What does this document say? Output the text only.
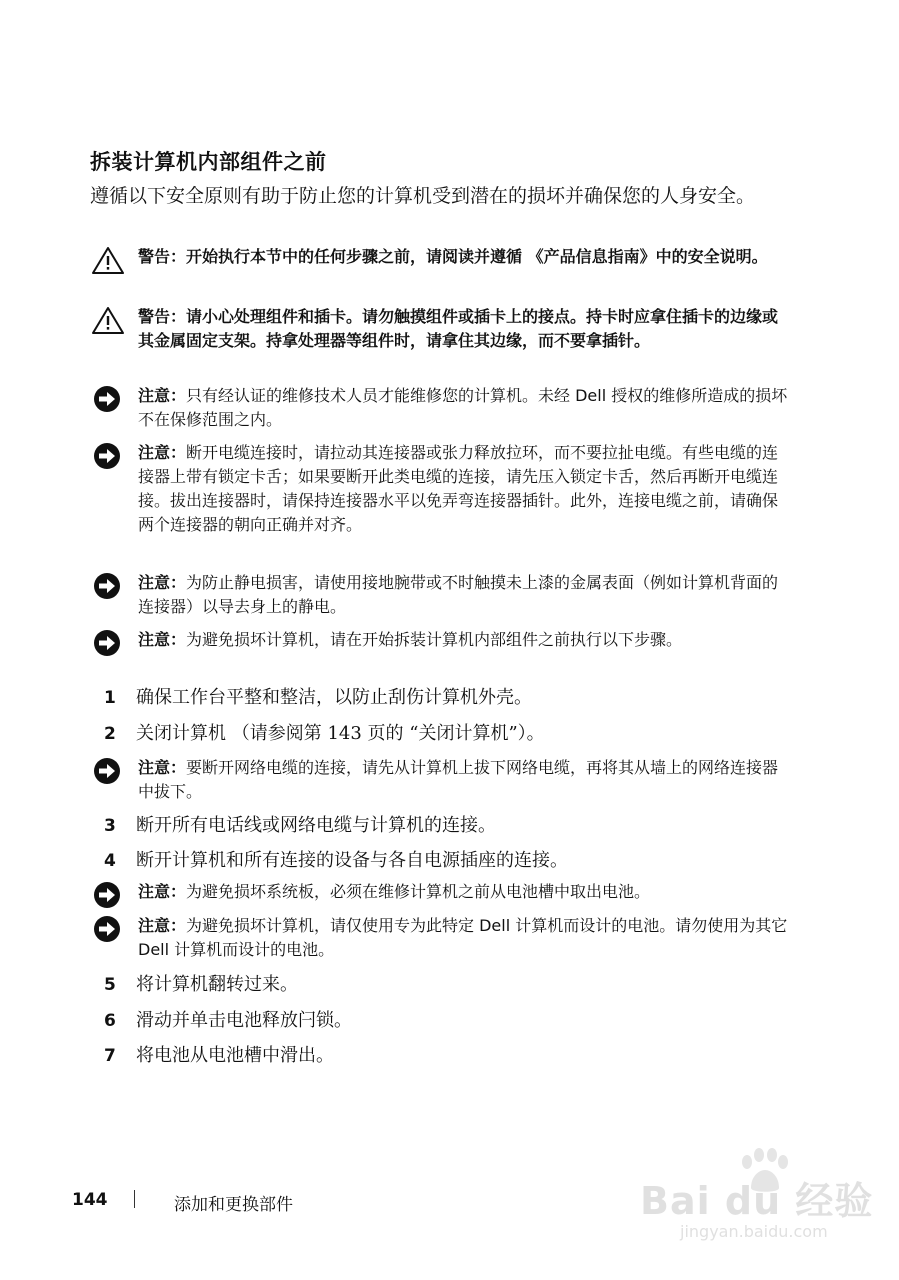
拆装计算机内部组件之前
遵循以下安全原则有助于防止您的计算机受到潜在的损坏并确保您的人身安全。
警告：开始执行本节中的任何步骤之前，请阅读并遵循 《产品信息指南》中的安全说明。
警告：请小心处理组件和插卡。请勿触摸组件或插卡上的接点。持卡时应拿住插卡的边缘或其金属固定支架。持拿处理器等组件时，请拿住其边缘，而不要拿插针。
注意：只有经认证的维修技术人员才能维修您的计算机。未经 Dell 授权的维修所造成的损坏不在保修范围之内。
注意：断开电缆连接时，请拉动其连接器或张力释放拉环，而不要拉扯电缆。有些电缆的连接器上带有锁定卡舌；如果要断开此类电缆的连接，请先压入锁定卡舌，然后再断开电缆连接。拔出连接器时，请保持连接器水平以免弄弯连接器插针。此外，连接电缆之前，请确保两个连接器的朝向正确并对齐。
注意：为防止静电损害，请使用接地腕带或不时触摸未上漆的金属表面（例如计算机背面的连接器）以导去身上的静电。
注意：为避免损坏计算机，请在开始拆装计算机内部组件之前执行以下步骤。
1 确保工作台平整和整洁，以防止刮伤计算机外壳。
2 关闭计算机 （请参阅第 143 页的 “关闭计算机”）。
注意：要断开网络电缆的连接，请先从计算机上拔下网络电缆，再将其从墙上的网络连接器中拔下。
3 断开所有电话线或网络电缆与计算机的连接。
4 断开计算机和所有连接的设备与各自电源插座的连接。
注意：为避免损坏系统板，必须在维修计算机之前从电池槽中取出电池。
注意：为避免损坏计算机，请仅使用专为此特定 Dell 计算机而设计的电池。请勿使用为其它 Dell 计算机而设计的电池。
5 将计算机翻转过来。
6 滑动并单击电池释放闩锁。
7 将电池从电池槽中滑出。
144	添加和更换部件	Bai du 经验
jingyan.baidu.com
